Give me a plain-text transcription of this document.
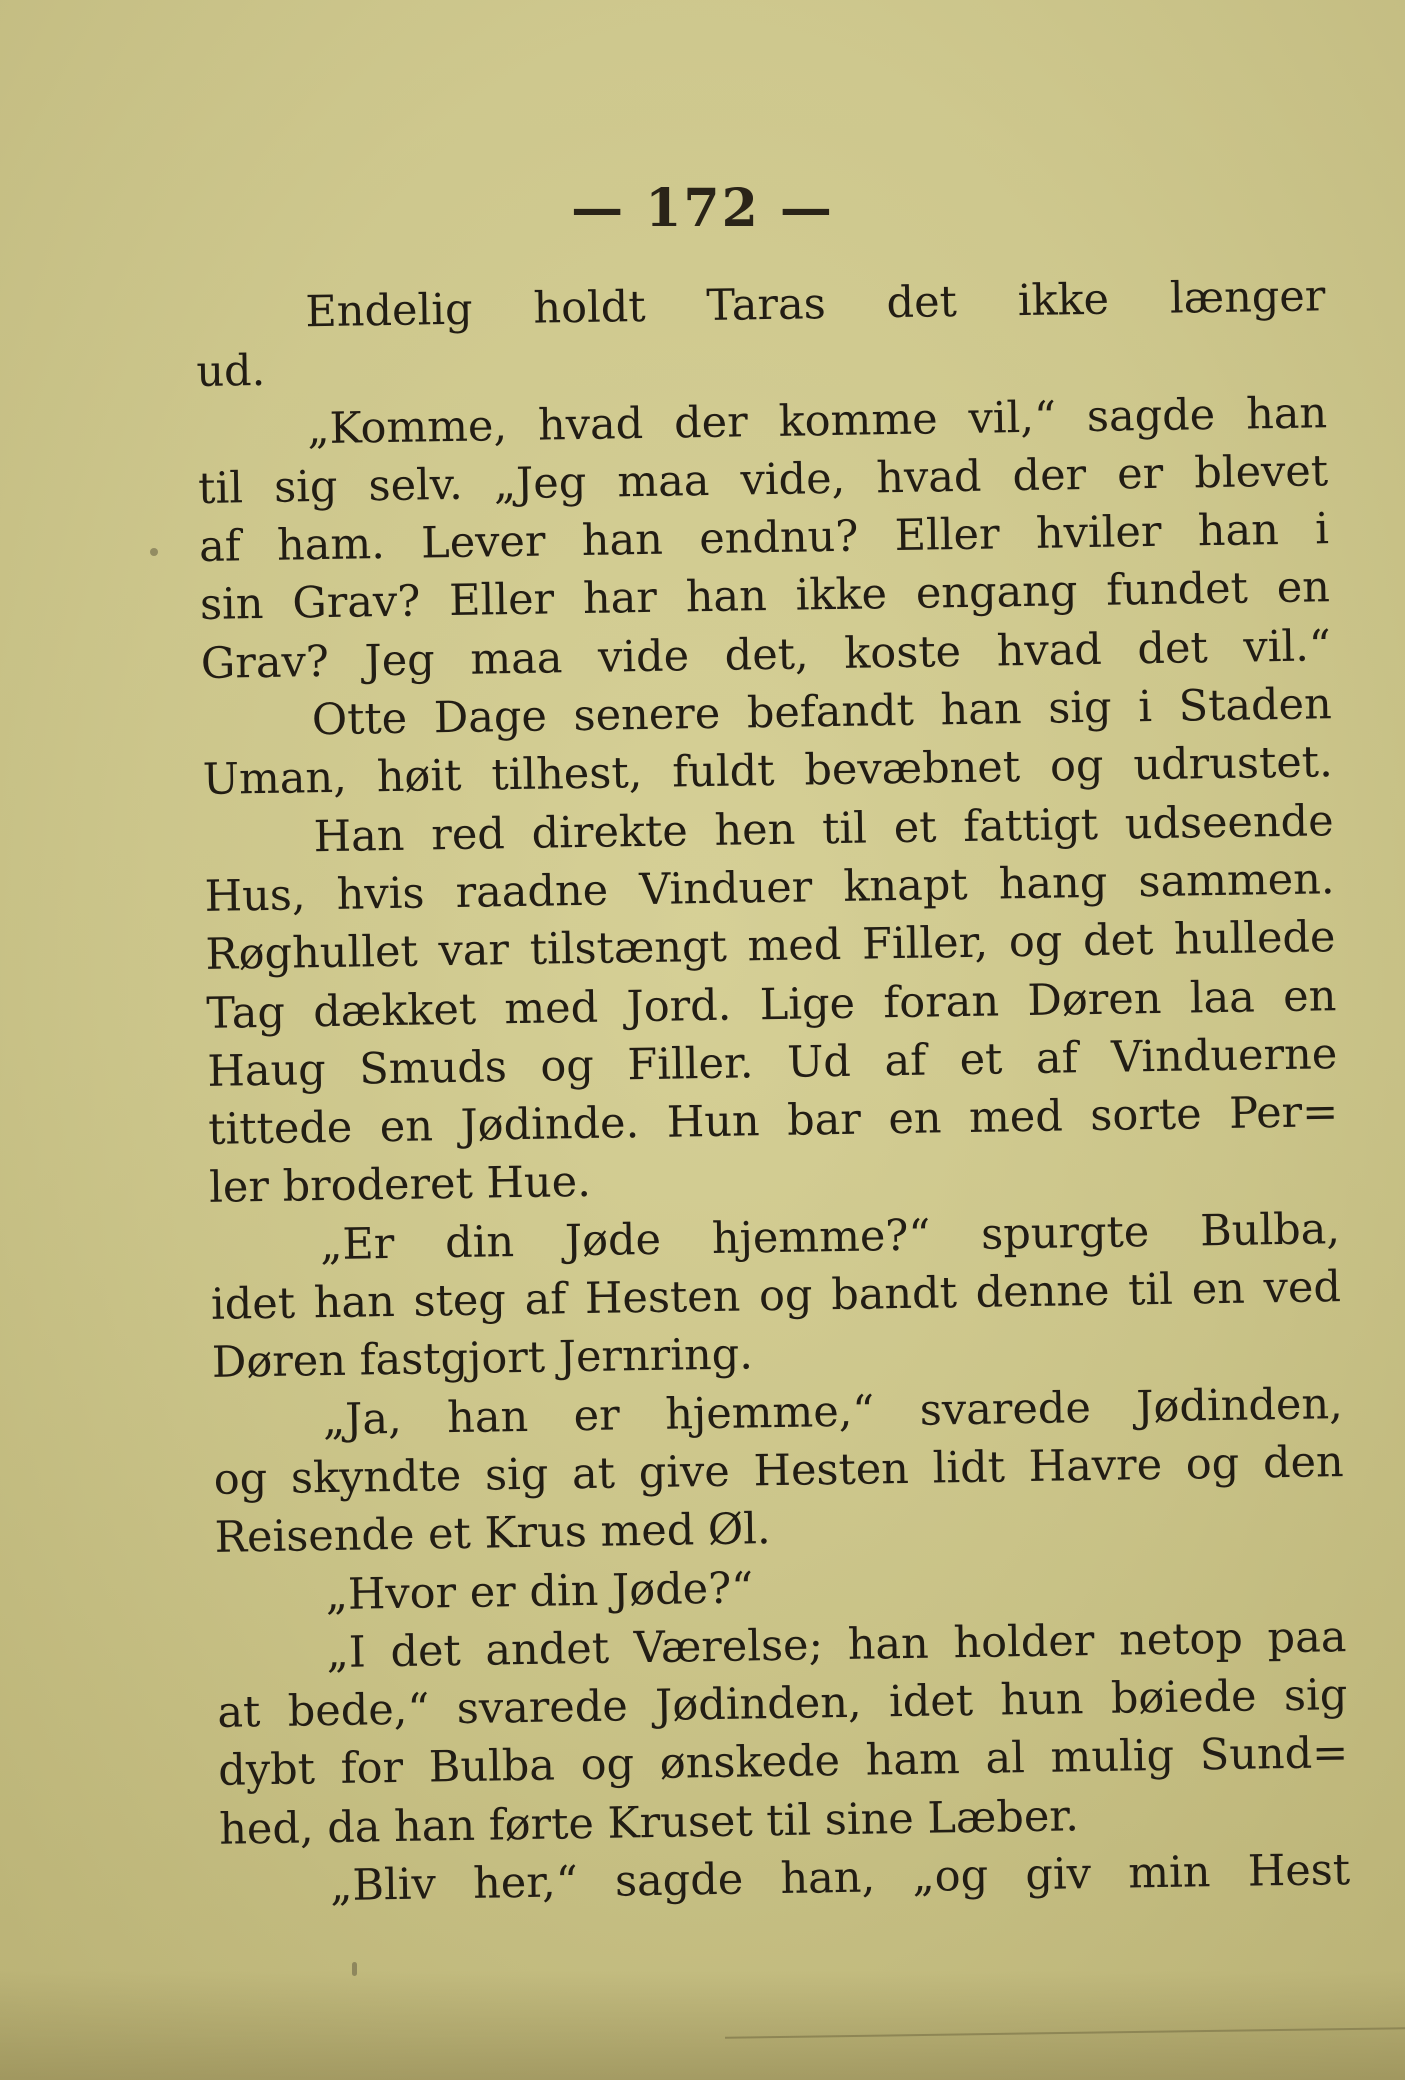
— 172 —
Endelig holdt Taras det ikke længer
ud.
„Komme, hvad der komme vil,“ sagde han
til sig selv. „Jeg maa vide, hvad der er blevet
af ham. Lever han endnu? Eller hviler han i
sin Grav? Eller har han ikke engang fundet en
Grav? Jeg maa vide det, koste hvad det vil.“
Otte Dage senere befandt han sig i Staden
Uman, høit tilhest, fuldt bevæbnet og udrustet.
Han red direkte hen til et fattigt udseende
Hus, hvis raadne Vinduer knapt hang sammen.
Røghullet var tilstængt med Filler, og det hullede
Tag dækket med Jord. Lige foran Døren laa en
Haug Smuds og Filler. Ud af et af Vinduerne
tittede en Jødinde. Hun bar en med sorte Per=
ler broderet Hue.
„Er din Jøde hjemme?“ spurgte Bulba,
idet han steg af Hesten og bandt denne til en ved
Døren fastgjort Jernring.
„Ja, han er hjemme,“ svarede Jødinden,
og skyndte sig at give Hesten lidt Havre og den
Reisende et Krus med Øl.
„Hvor er din Jøde?“
„I det andet Værelse; han holder netop paa
at bede,“ svarede Jødinden, idet hun bøiede sig
dybt for Bulba og ønskede ham al mulig Sund=
hed, da han førte Kruset til sine Læber.
„Bliv her,“ sagde han, „og giv min Hest
